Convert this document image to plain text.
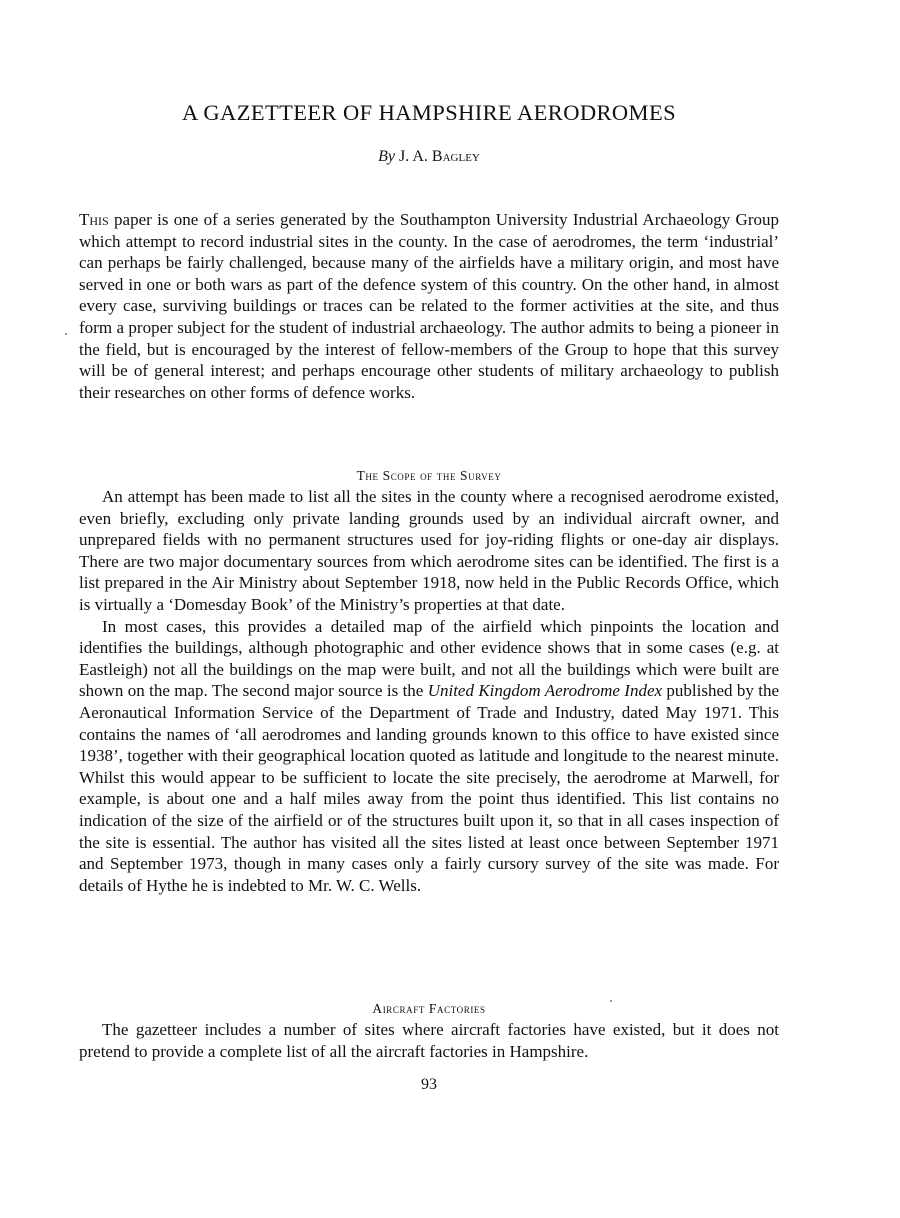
A GAZETTEER OF HAMPSHIRE AERODROMES

By J. A. Bagley

This paper is one of a series generated by the Southampton University Industrial Archaeology Group which attempt to record industrial sites in the county. In the case of aerodromes, the term ‘industrial’ can perhaps be fairly challenged, because many of the airfields have a military origin, and most have served in one or both wars as part of the defence system of this country. On the other hand, in almost every case, surviving buildings or traces can be related to the former activities at the site, and thus form a proper subject for the student of industrial archaeology. The author admits to being a pioneer in the field, but is encouraged by the interest of fellow-members of the Group to hope that this survey will be of general interest; and perhaps encourage other students of military archaeology to publish their researches on other forms of defence works.

The Scope of the Survey

An attempt has been made to list all the sites in the county where a recognised aerodrome existed, even briefly, excluding only private landing grounds used by an individual aircraft owner, and unprepared fields with no permanent structures used for joy-riding flights or one-day air displays. There are two major documentary sources from which aerodrome sites can be identified. The first is a list prepared in the Air Ministry about September 1918, now held in the Public Records Office, which is virtually a ‘Domesday Book’ of the Ministry’s properties at that date.

In most cases, this provides a detailed map of the airfield which pinpoints the location and identifies the buildings, although photographic and other evidence shows that in some cases (e.g. at Eastleigh) not all the buildings on the map were built, and not all the buildings which were built are shown on the map. The second major source is the United Kingdom Aerodrome Index published by the Aeronautical Information Service of the Department of Trade and Industry, dated May 1971. This contains the names of ‘all aerodromes and landing grounds known to this office to have existed since 1938’, together with their geographical location quoted as latitude and longitude to the nearest minute. Whilst this would appear to be sufficient to locate the site precisely, the aerodrome at Marwell, for example, is about one and a half miles away from the point thus identified. This list contains no indication of the size of the airfield or of the structures built upon it, so that in all cases inspection of the site is essential. The author has visited all the sites listed at least once between September 1971 and September 1973, though in many cases only a fairly cursory survey of the site was made. For details of Hythe he is indebted to Mr. W. C. Wells.

Aircraft Factories

The gazetteer includes a number of sites where aircraft factories have existed, but it does not pretend to provide a complete list of all the aircraft factories in Hampshire.

93
